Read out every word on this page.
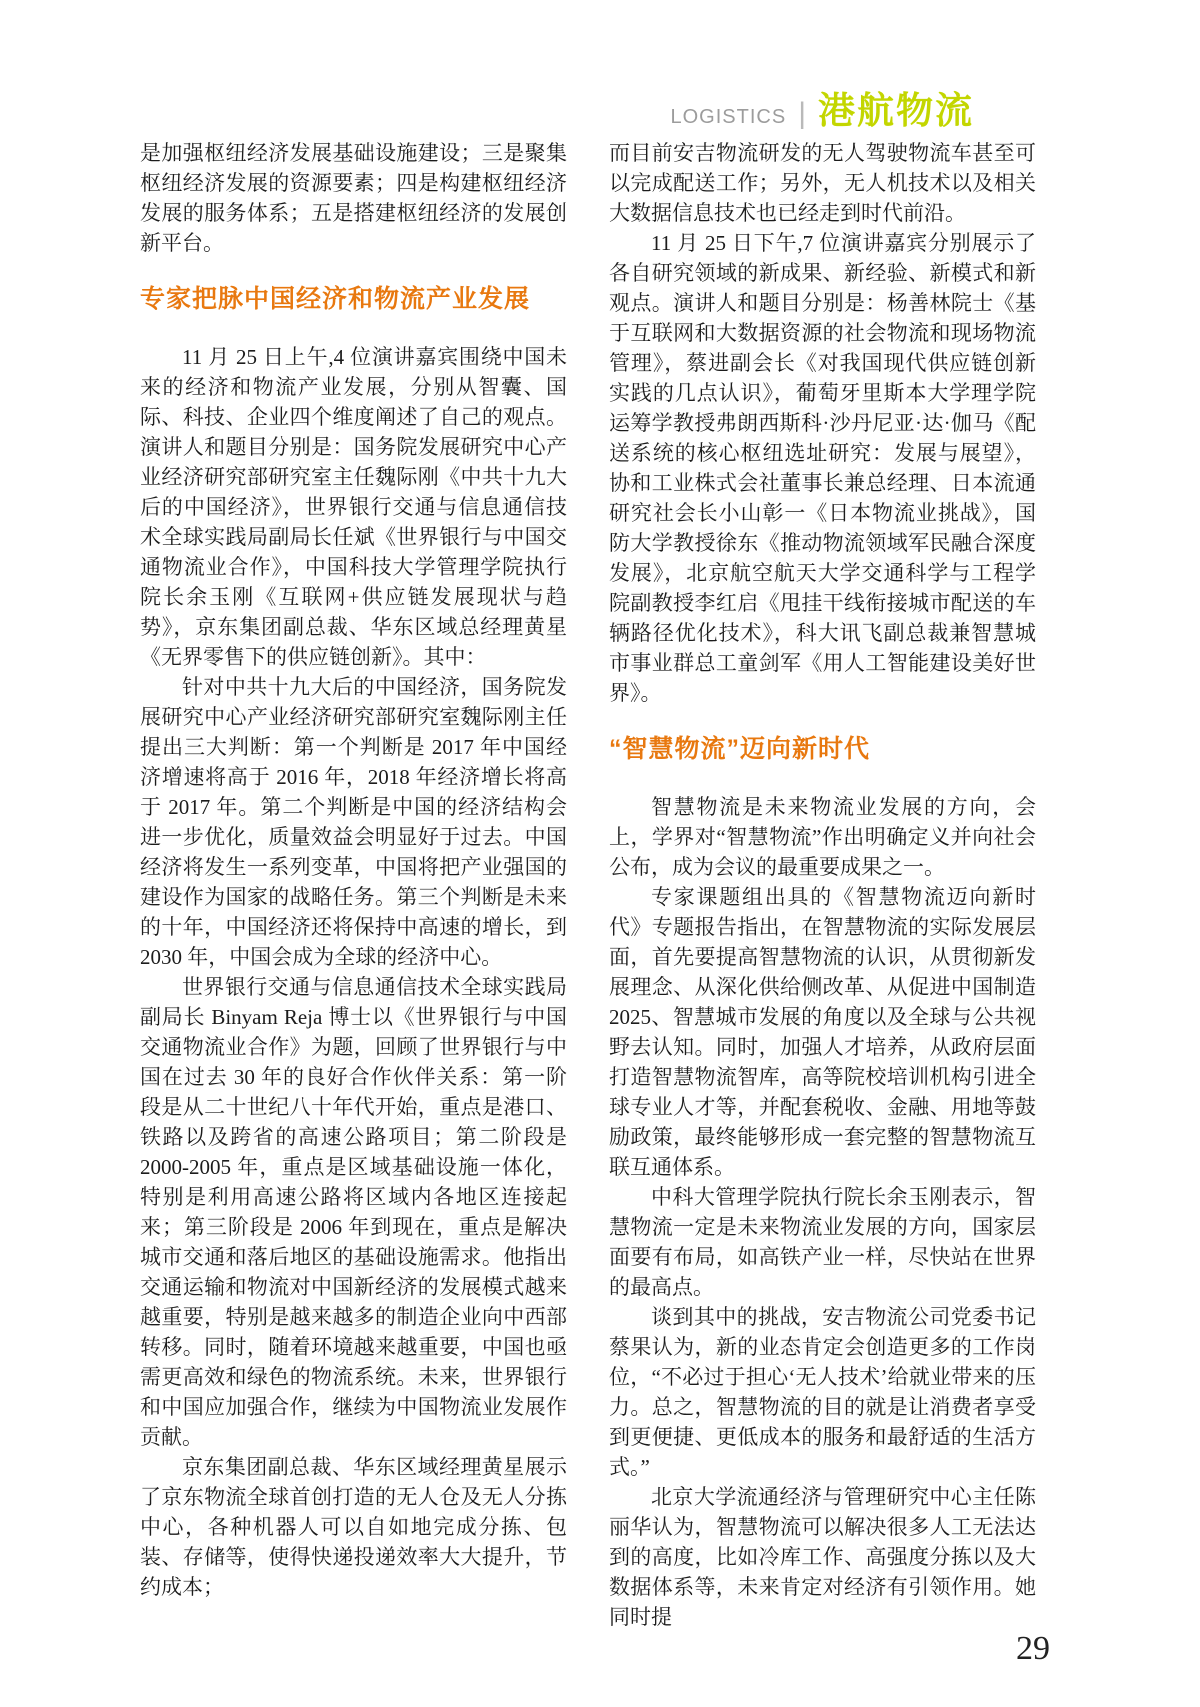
LOGISTICS | 港航物流

是加强枢纽经济发展基础设施建设；三是聚集枢纽经济发展的资源要素；四是构建枢纽经济发展的服务体系；五是搭建枢纽经济的发展创新平台。

专家把脉中国经济和物流产业发展

11 月 25 日上午,4 位演讲嘉宾围绕中国未来的经济和物流产业发展，分别从智囊、国际、科技、企业四个维度阐述了自己的观点。演讲人和题目分别是：国务院发展研究中心产业经济研究部研究室主任魏际刚《中共十九大后的中国经济》，世界银行交通与信息通信技术全球实践局副局长任斌《世界银行与中国交通物流业合作》，中国科技大学管理学院执行院长余玉刚《互联网+供应链发展现状与趋势》，京东集团副总裁、华东区域总经理黄星《无界零售下的供应链创新》。其中：

针对中共十九大后的中国经济，国务院发展研究中心产业经济研究部研究室魏际刚主任提出三大判断：第一个判断是 2017 年中国经济增速将高于 2016 年，2018 年经济增长将高于 2017 年。第二个判断是中国的经济结构会进一步优化，质量效益会明显好于过去。中国经济将发生一系列变革，中国将把产业强国的建设作为国家的战略任务。第三个判断是未来的十年，中国经济还将保持中高速的增长，到 2030 年，中国会成为全球的经济中心。

世界银行交通与信息通信技术全球实践局副局长 Binyam Reja 博士以《世界银行与中国交通物流业合作》为题，回顾了世界银行与中国在过去 30 年的良好合作伙伴关系：第一阶段是从二十世纪八十年代开始，重点是港口、铁路以及跨省的高速公路项目；第二阶段是 2000-2005 年，重点是区域基础设施一体化，特别是利用高速公路将区域内各地区连接起来；第三阶段是 2006 年到现在，重点是解决城市交通和落后地区的基础设施需求。他指出交通运输和物流对中国新经济的发展模式越来越重要，特别是越来越多的制造企业向中西部转移。同时，随着环境越来越重要，中国也亟需更高效和绿色的物流系统。未来，世界银行和中国应加强合作，继续为中国物流业发展作贡献。

京东集团副总裁、华东区域经理黄星展示了京东物流全球首创打造的无人仓及无人分拣中心，各种机器人可以自如地完成分拣、包装、存储等，使得快递投递效率大大提升，节约成本；

而目前安吉物流研发的无人驾驶物流车甚至可以完成配送工作；另外，无人机技术以及相关大数据信息技术也已经走到时代前沿。

11 月 25 日下午,7 位演讲嘉宾分别展示了各自研究领域的新成果、新经验、新模式和新观点。演讲人和题目分别是：杨善林院士《基于互联网和大数据资源的社会物流和现场物流管理》，蔡进副会长《对我国现代供应链创新实践的几点认识》，葡萄牙里斯本大学理学院运筹学教授弗朗西斯科·沙丹尼亚·达·伽马《配送系统的核心枢纽选址研究：发展与展望》，协和工业株式会社董事长兼总经理、日本流通研究社会长小山彰一《日本物流业挑战》，国防大学教授徐东《推动物流领域军民融合深度发展》，北京航空航天大学交通科学与工程学院副教授李红启《甩挂干线衔接城市配送的车辆路径优化技术》，科大讯飞副总裁兼智慧城市事业群总工童剑军《用人工智能建设美好世界》。

“智慧物流”迈向新时代

智慧物流是未来物流业发展的方向，会上，学界对“智慧物流”作出明确定义并向社会公布，成为会议的最重要成果之一。

专家课题组出具的《智慧物流迈向新时代》专题报告指出，在智慧物流的实际发展层面，首先要提高智慧物流的认识，从贯彻新发展理念、从深化供给侧改革、从促进中国制造 2025、智慧城市发展的角度以及全球与公共视野去认知。同时，加强人才培养，从政府层面打造智慧物流智库，高等院校培训机构引进全球专业人才等，并配套税收、金融、用地等鼓励政策，最终能够形成一套完整的智慧物流互联互通体系。

中科大管理学院执行院长余玉刚表示，智慧物流一定是未来物流业发展的方向，国家层面要有布局，如高铁产业一样，尽快站在世界的最高点。

谈到其中的挑战，安吉物流公司党委书记蔡果认为，新的业态肯定会创造更多的工作岗位，“不必过于担心‘无人技术’给就业带来的压力。总之，智慧物流的目的就是让消费者享受到更便捷、更低成本的服务和最舒适的生活方式。”

北京大学流通经济与管理研究中心主任陈丽华认为，智慧物流可以解决很多人工无法达到的高度，比如冷库工作、高强度分拣以及大数据体系等，未来肯定对经济有引领作用。她同时提

29
